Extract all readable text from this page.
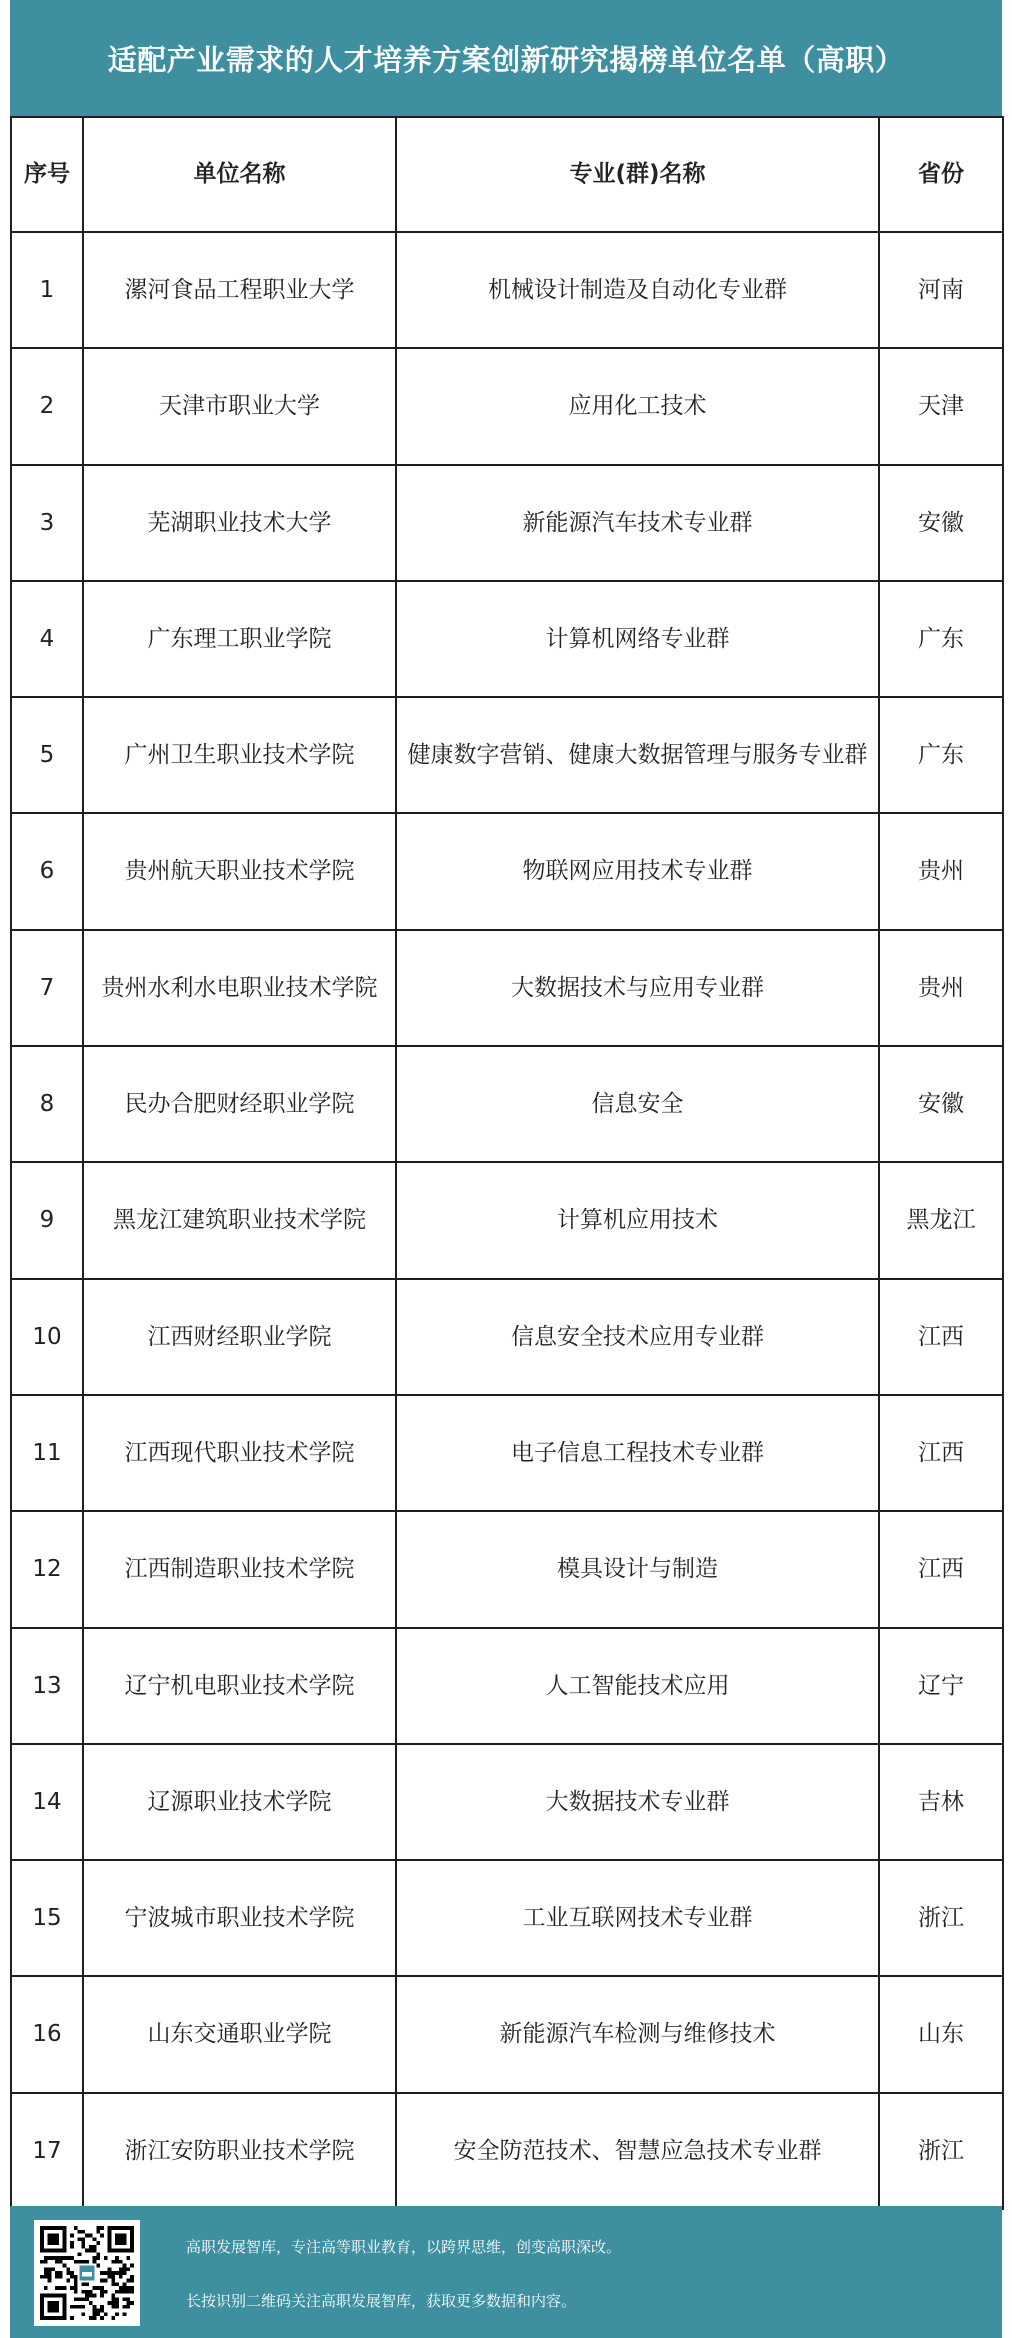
适配产业需求的人才培养方案创新研究揭榜单位名单（高职）
序号	单位名称	专业(群)名称	省份
1	漯河食品工程职业大学	机械设计制造及自动化专业群	河南
2	天津市职业大学	应用化工技术	天津
3	芜湖职业技术大学	新能源汽车技术专业群	安徽
4	广东理工职业学院	计算机网络专业群	广东
5	广州卫生职业技术学院	健康数字营销、健康大数据管理与服务专业群	广东
6	贵州航天职业技术学院	物联网应用技术专业群	贵州
7	贵州水利水电职业技术学院	大数据技术与应用专业群	贵州
8	民办合肥财经职业学院	信息安全	安徽
9	黑龙江建筑职业技术学院	计算机应用技术	黑龙江
10	江西财经职业学院	信息安全技术应用专业群	江西
11	江西现代职业技术学院	电子信息工程技术专业群	江西
12	江西制造职业技术学院	模具设计与制造	江西
13	辽宁机电职业技术学院	人工智能技术应用	辽宁
14	辽源职业技术学院	大数据技术专业群	吉林
15	宁波城市职业技术学院	工业互联网技术专业群	浙江
16	山东交通职业学院	新能源汽车检测与维修技术	山东
17	浙江安防职业技术学院	安全防范技术、智慧应急技术专业群	浙江
高职发展智库，专注高等职业教育，以跨界思维，创变高职深改。
长按识别二维码关注高职发展智库，获取更多数据和内容。
